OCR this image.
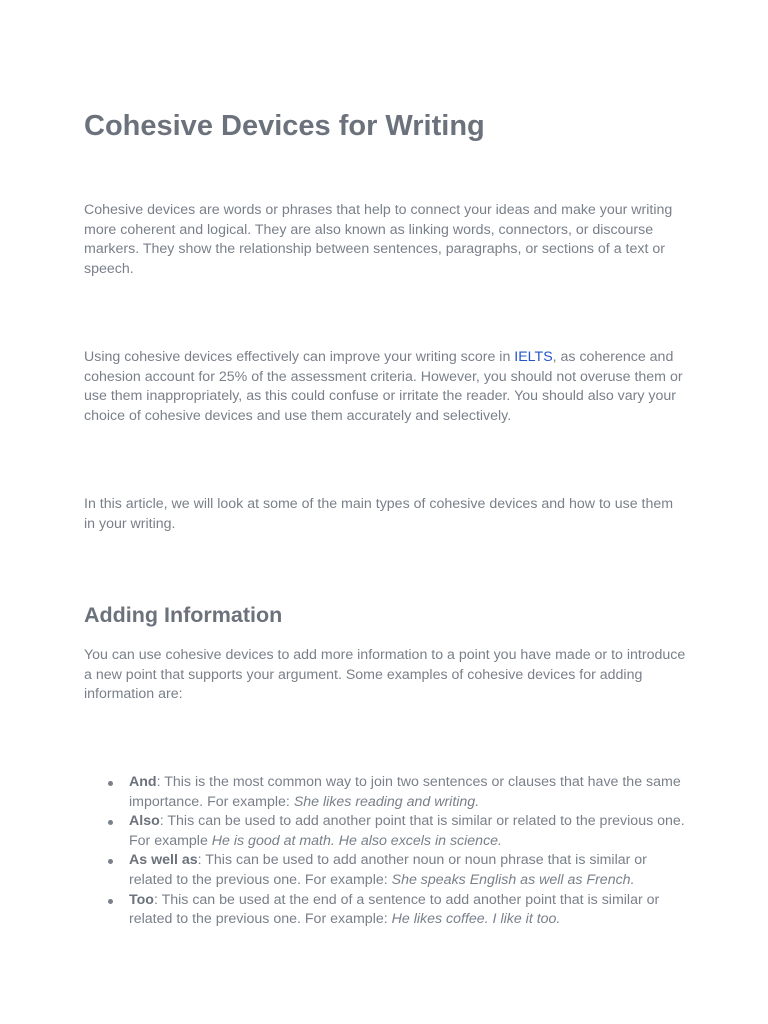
Cohesive Devices for Writing

Cohesive devices are words or phrases that help to connect your ideas and make your writing more coherent and logical. They are also known as linking words, connectors, or discourse markers. They show the relationship between sentences, paragraphs, or sections of a text or speech.

Using cohesive devices effectively can improve your writing score in IELTS, as coherence and cohesion account for 25% of the assessment criteria. However, you should not overuse them or use them inappropriately, as this could confuse or irritate the reader. You should also vary your choice of cohesive devices and use them accurately and selectively.

In this article, we will look at some of the main types of cohesive devices and how to use them in your writing.

Adding Information

You can use cohesive devices to add more information to a point you have made or to introduce a new point that supports your argument. Some examples of cohesive devices for adding information are:

And: This is the most common way to join two sentences or clauses that have the same importance. For example: She likes reading and writing.
Also: This can be used to add another point that is similar or related to the previous one. For example He is good at math. He also excels in science.
As well as: This can be used to add another noun or noun phrase that is similar or related to the previous one. For example: She speaks English as well as French.
Too: This can be used at the end of a sentence to add another point that is similar or related to the previous one. For example: He likes coffee. I like it too.
